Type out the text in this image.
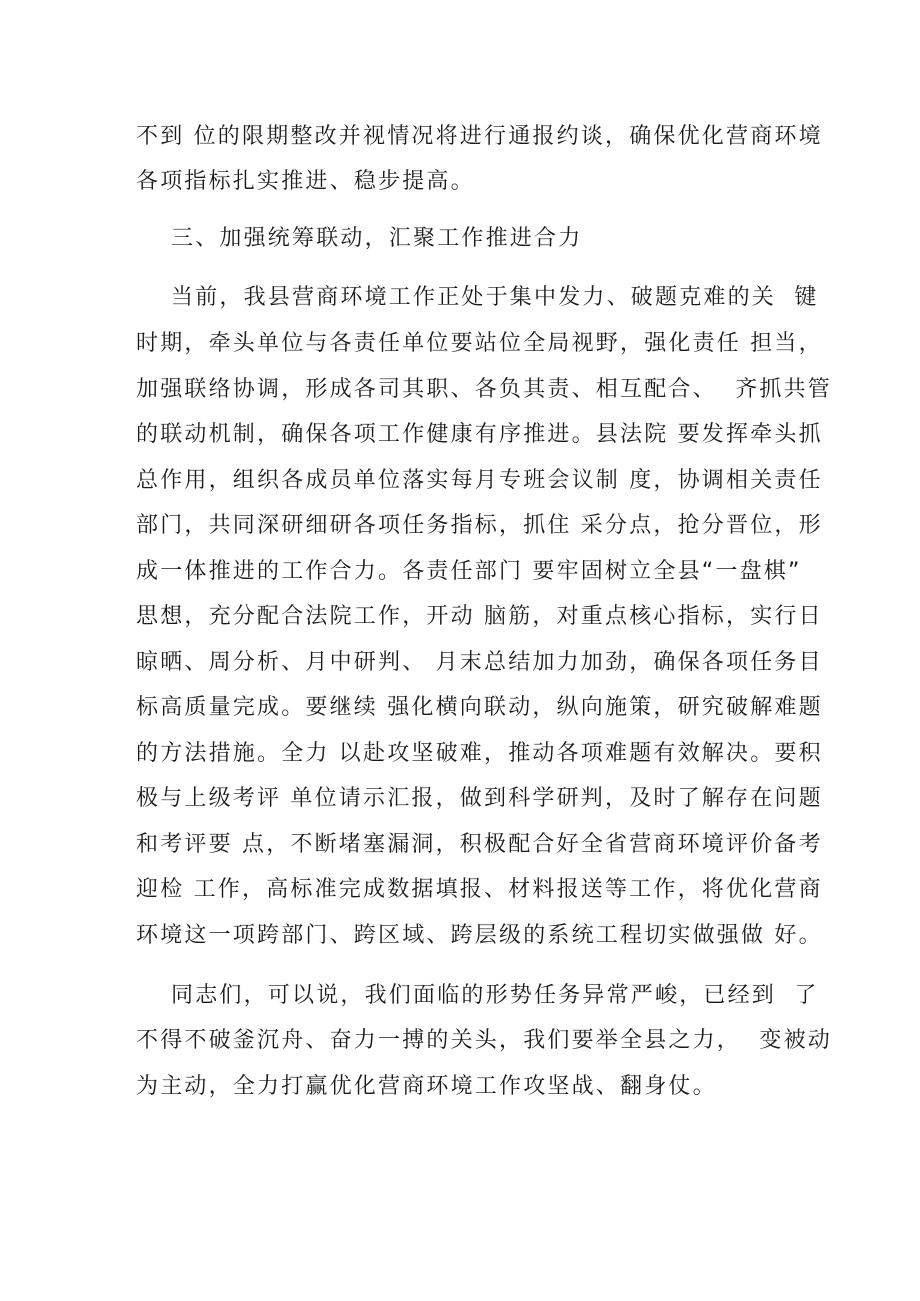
不到 位的限期整改并视情况将进行通报约谈，确保优化营商环境
各项指标扎实推进、稳步提高。
三、加强统筹联动，汇聚工作推进合力
当前，我县营商环境工作正处于集中发力、破题克难的关  键
时期，牵头单位与各责任单位要站位全局视野，强化责任 担当，
加强联络协调，形成各司其职、各负其责、相互配合、  齐抓共管
的联动机制，确保各项工作健康有序推进。县法院 要发挥牵头抓
总作用，组织各成员单位落实每月专班会议制 度，协调相关责任
部门，共同深研细研各项任务指标，抓住 采分点，抢分晋位，形
成一体推进的工作合力。各责任部门 要牢固树立全县“一盘棋”
思想，充分配合法院工作，开动 脑筋，对重点核心指标，实行日
晾晒、周分析、月中研判、 月末总结加力加劲，确保各项任务目
标高质量完成。要继续 强化横向联动，纵向施策，研究破解难题
的方法措施。全力 以赴攻坚破难，推动各项难题有效解决。要积
极与上级考评 单位请示汇报，做到科学研判，及时了解存在问题
和考评要 点，不断堵塞漏洞，积极配合好全省营商环境评价备考
迎检 工作，高标准完成数据填报、材料报送等工作，将优化营商
环境这一项跨部门、跨区域、跨层级的系统工程切实做强做 好。
同志们，可以说，我们面临的形势任务异常严峻，已经到  了
不得不破釜沉舟、奋力一搏的关头，我们要举全县之力，  变被动
为主动，全力打赢优化营商环境工作攻坚战、翻身仗。
